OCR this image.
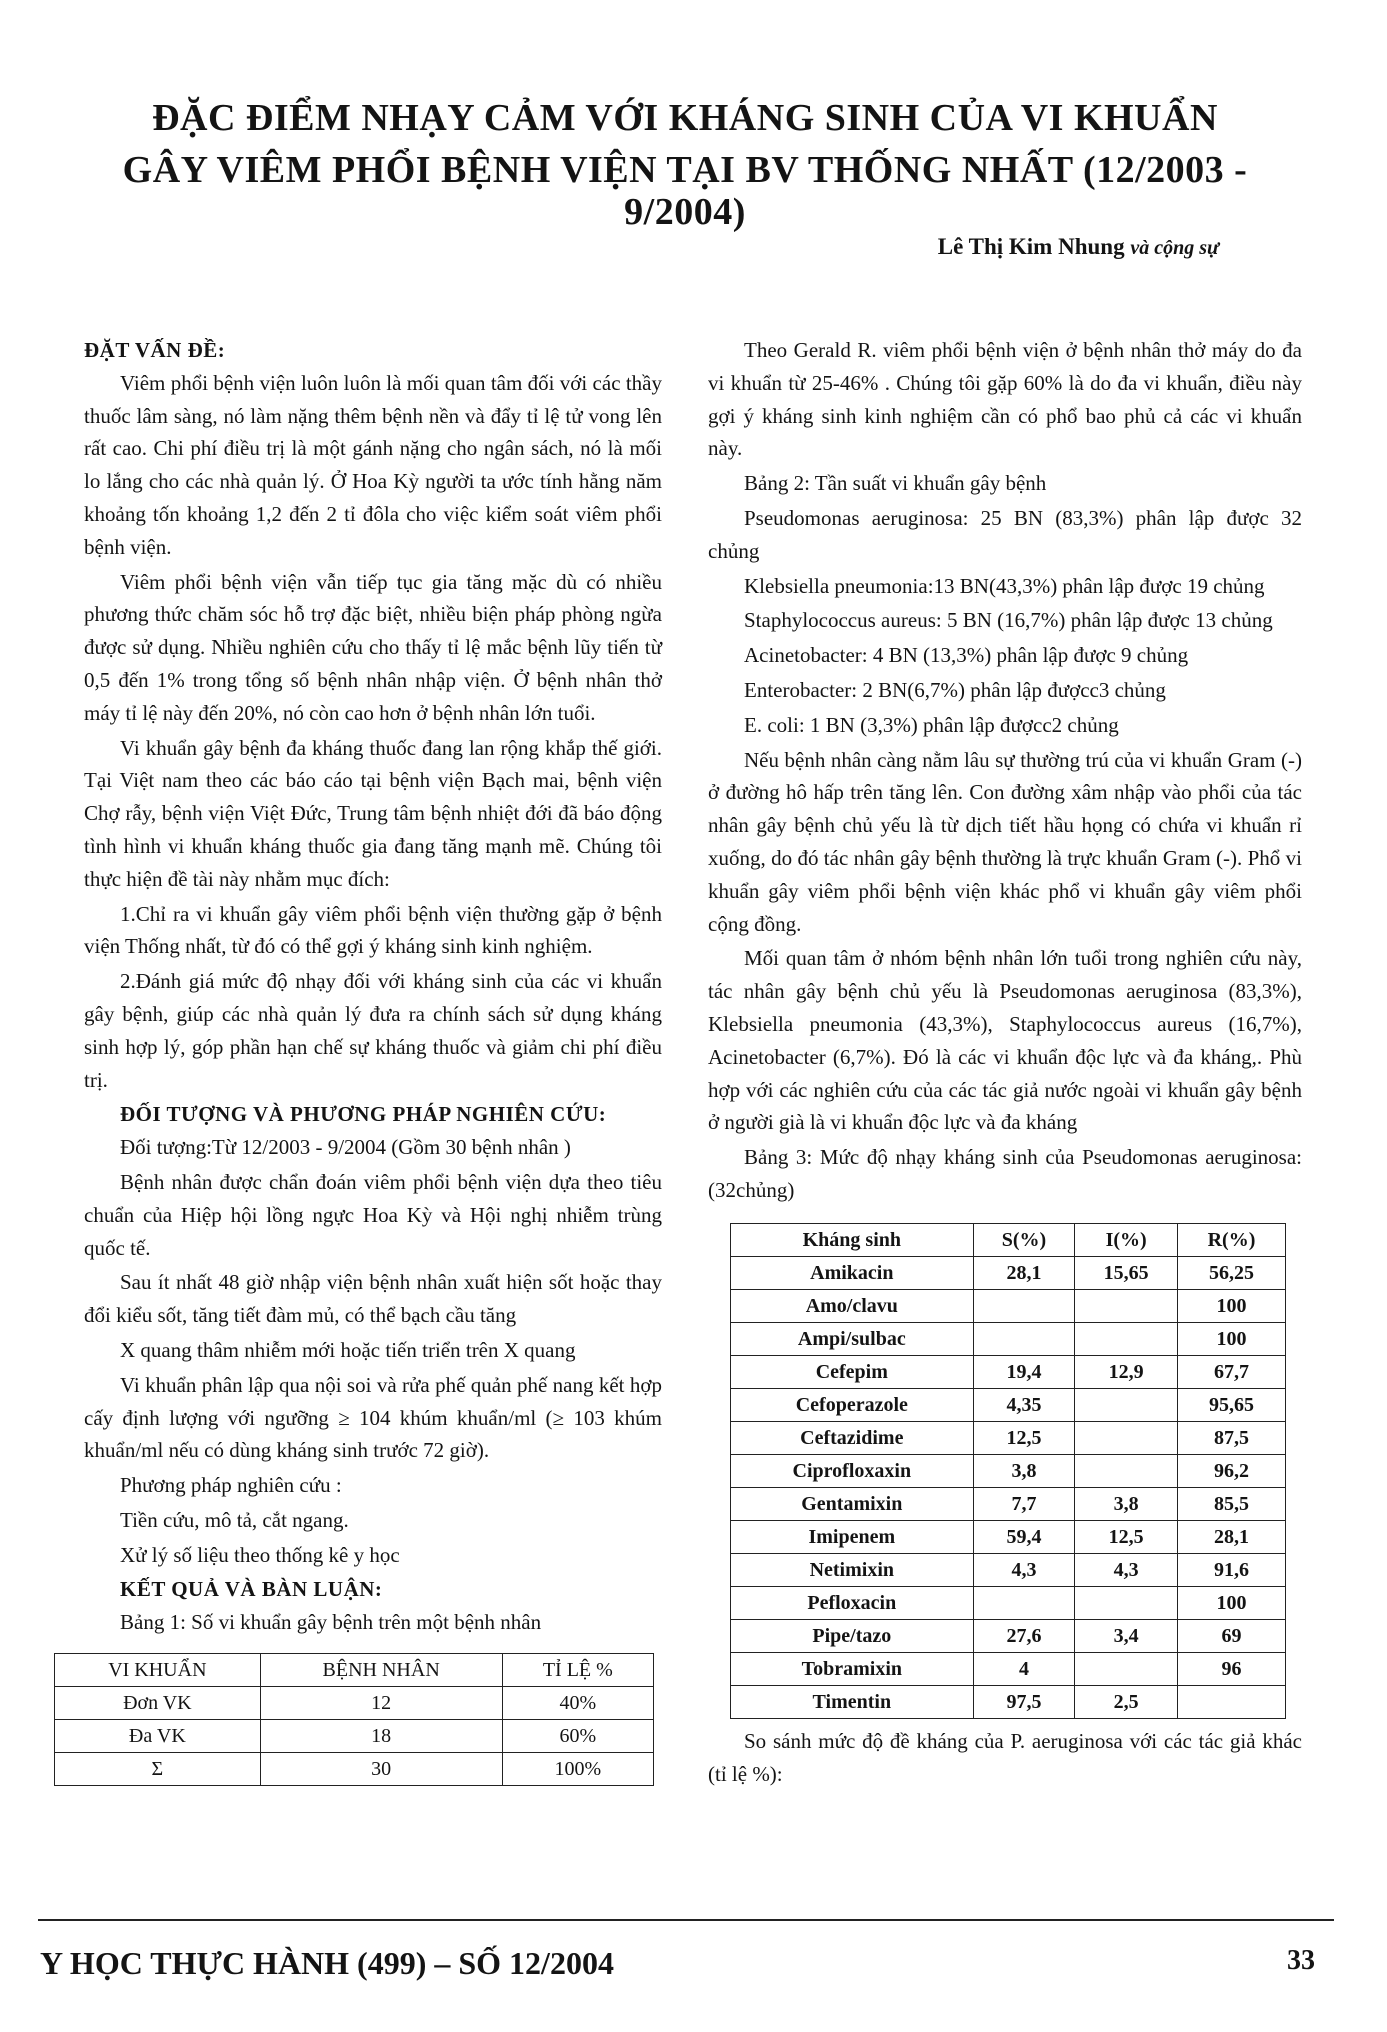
ĐẶC ĐIỂM NHẠY CẢM VỚI KHÁNG SINH CỦA VI KHUẨN
GÂY VIÊM PHỔI BỆNH VIỆN TẠI BV THỐNG NHẤT (12/2003 - 9/2004)
Lê Thị Kim Nhung và cộng sự
ĐẶT VẤN ĐỀ:

Viêm phổi bệnh viện luôn luôn là mối quan tâm đối với các thầy thuốc lâm sàng, nó làm nặng thêm bệnh nền và đẩy tỉ lệ tử vong lên rất cao. Chi phí điều trị là một gánh nặng cho ngân sách, nó là mối lo lắng cho các nhà quản lý. Ở Hoa Kỳ người ta ước tính hằng năm khoảng tốn khoảng 1,2 đến 2 tỉ đôla cho việc kiểm soát viêm phổi bệnh viện.

Viêm phổi bệnh viện vẫn tiếp tục gia tăng mặc dù có nhiều phương thức chăm sóc hỗ trợ đặc biệt, nhiều biện pháp phòng ngừa được sử dụng. Nhiều nghiên cứu cho thấy tỉ lệ mắc bệnh lũy tiến từ 0,5 đến 1% trong tổng số bệnh nhân nhập viện. Ở bệnh nhân thở máy tỉ lệ này đến 20%, nó còn cao hơn ở bệnh nhân lớn tuổi.

Vi khuẩn gây bệnh đa kháng thuốc đang lan rộng khắp thế giới. Tại Việt nam theo các báo cáo tại bệnh viện Bạch mai, bệnh viện Chợ rẫy, bệnh viện Việt Đức, Trung tâm bệnh nhiệt đới đã báo động tình hình vi khuẩn kháng thuốc gia đang tăng mạnh mẽ. Chúng tôi thực hiện đề tài này nhằm mục đích:

1.Chỉ ra vi khuẩn gây viêm phổi bệnh viện thường gặp ở bệnh viện Thống nhất, từ đó có thể gợi ý kháng sinh kinh nghiệm.

2.Đánh giá mức độ nhạy đối với kháng sinh của các vi khuẩn gây bệnh, giúp các nhà quản lý đưa ra chính sách sử dụng kháng sinh hợp lý, góp phần hạn chế sự kháng thuốc và giảm chi phí điều trị.

ĐỐI TƯỢNG VÀ PHƯƠNG PHÁP NGHIÊN CỨU:

Đối tượng:Từ 12/2003 - 9/2004 (Gồm 30 bệnh nhân )

Bệnh nhân được chẩn đoán viêm phổi bệnh viện dựa theo tiêu chuẩn của Hiệp hội lồng ngực Hoa Kỳ và Hội nghị nhiễm trùng quốc tế.

Sau ít nhất 48 giờ nhập viện bệnh nhân xuất hiện sốt hoặc thay đổi kiểu sốt, tăng tiết đàm mủ, có thể bạch cầu tăng

X quang thâm nhiễm mới hoặc tiến triển trên X quang

Vi khuẩn phân lập qua nội soi và rửa phế quản phế nang kết hợp cấy định lượng với ngưỡng ≥ 104 khúm khuẩn/ml (≥ 103 khúm khuẩn/ml nếu có dùng kháng sinh trước 72 giờ).

Phương pháp nghiên cứu :

Tiền cứu, mô tả, cắt ngang.

Xử lý số liệu theo thống kê y học

KẾT QUẢ VÀ BÀN LUẬN:

Bảng 1: Số vi khuẩn gây bệnh trên một bệnh nhân

VI KHUẨN	BỆNH NHÂN	TỈ LỆ %
Đơn VK	12	40%
Đa VK	18	60%
Σ	30	100%

Theo Gerald R. viêm phổi bệnh viện ở bệnh nhân thở máy do đa vi khuẩn từ 25-46% . Chúng tôi gặp 60% là do đa vi khuẩn, điều này gợi ý kháng sinh kinh nghiệm cần có phổ bao phủ cả các vi khuẩn này.

Bảng 2: Tần suất vi khuẩn gây bệnh

Pseudomonas aeruginosa: 25 BN (83,3%) phân lập được 32 chủng

Klebsiella pneumonia:13 BN(43,3%) phân lập được 19 chủng

Staphylococcus aureus: 5 BN (16,7%) phân lập được 13 chủng

Acinetobacter: 4 BN (13,3%) phân lập được 9 chủng

Enterobacter: 2 BN(6,7%) phân lập đượcc3 chủng

E. coli: 1 BN (3,3%) phân lập đượcc2 chủng

Nếu bệnh nhân càng nằm lâu sự thường trú của vi khuẩn Gram (-) ở đường hô hấp trên tăng lên. Con đường xâm nhập vào phổi của tác nhân gây bệnh chủ yếu là từ dịch tiết hầu họng có chứa vi khuẩn rỉ xuống, do đó tác nhân gây bệnh thường là trực khuẩn Gram (-). Phổ vi khuẩn gây viêm phổi bệnh viện khác phổ vi khuẩn gây viêm phổi cộng đồng.

Mối quan tâm ở nhóm bệnh nhân lớn tuổi trong nghiên cứu này, tác nhân gây bệnh chủ yếu là Pseudomonas aeruginosa (83,3%), Klebsiella pneumonia (43,3%), Staphylococcus aureus (16,7%), Acinetobacter (6,7%). Đó là các vi khuẩn độc lực và đa kháng,. Phù hợp với các nghiên cứu của các tác giả nước ngoài vi khuẩn gây bệnh ở người già là vi khuẩn độc lực và đa kháng

Bảng 3: Mức độ nhạy kháng sinh của Pseudomonas aeruginosa: (32chủng)

Kháng sinh	S(%)	I(%)	R(%)
Amikacin	28,1	15,65	56,25
Amo/clavu			100
Ampi/sulbac			100
Cefepim	19,4	12,9	67,7
Cefoperazole	4,35		95,65
Ceftazidime	12,5		87,5
Ciprofloxaxin	3,8		96,2
Gentamixin	7,7	3,8	85,5
Imipenem	59,4	12,5	28,1
Netimixin	4,3	4,3	91,6
Pefloxacin			100
Pipe/tazo	27,6	3,4	69
Tobramixin	4		96
Timentin	97,5	2,5	

So sánh mức độ đề kháng của P. aeruginosa với các tác giả khác (tỉ lệ %):

Y HỌC THỰC HÀNH (499) – SỐ 12/2004	33
